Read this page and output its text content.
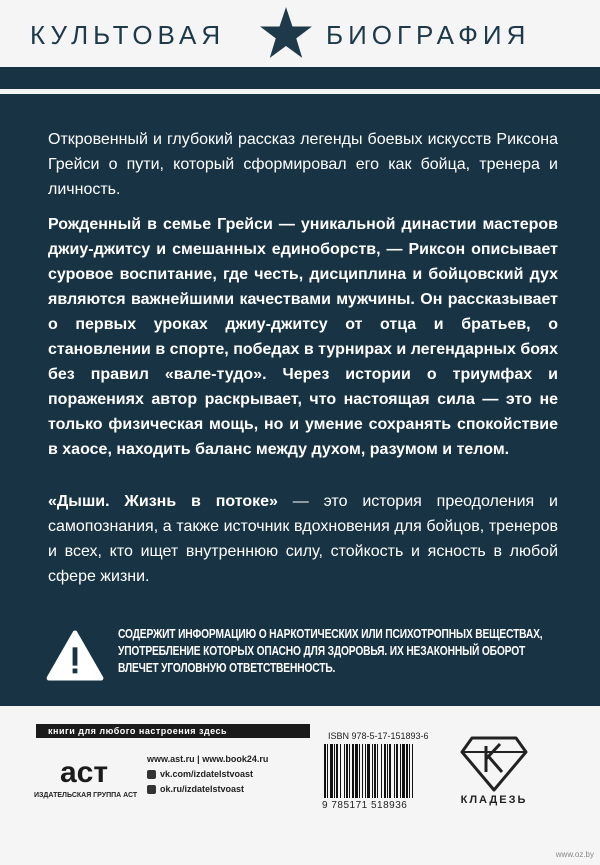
КУЛЬТОВАЯ	БИОГРАФИЯ
Откровенный и глубокий рассказ легенды боевых искусств Риксона Грейси о пути, который сформировал его как бойца, тренера и личность.
Рожденный в семье Грейси — уникальной династии мастеров джиу-джитсу и смешанных единоборств, — Риксон описывает суровое воспитание, где честь, дисциплина и бойцовский дух являются важнейшими качествами мужчины. Он рассказывает о первых уроках джиу-джитсу от отца и братьев, о становлении в спорте, победах в турнирах и легендарных боях без правил «вале-тудо». Через истории о триумфах и поражениях автор раскрывает, что настоящая сила — это не только физическая мощь, но и умение сохранять спокойствие в хаосе, находить баланс между духом, разумом и телом.
«Дыши. Жизнь в потоке» — это история преодоления и самопознания, а также источник вдохновения для бойцов, тренеров и всех, кто ищет внутреннюю силу, стойкость и ясность в любой сфере жизни.
СОДЕРЖИТ ИНФОРМАЦИЮ О НАРКОТИЧЕСКИХ ИЛИ ПСИХОТРОПНЫХ ВЕЩЕСТВАХ, УПОТРЕБЛЕНИЕ КОТОРЫХ ОПАСНО ДЛЯ ЗДОРОВЬЯ. ИХ НЕЗАКОННЫЙ ОБОРОТ ВЛЕЧЕТ УГОЛОВНУЮ ОТВЕТСТВЕННОСТЬ.
книги для любого настроения здесь
аст
ИЗДАТЕЛЬСКАЯ ГРУППА АСТ
www.ast.ru | www.book24.ru
vk.com/izdatelstvoast
ok.ru/izdatelstvoast
ISBN 978-5-17-151893-6
9 785171 518936	КЛАДЕЗЬ
www.oz.by
